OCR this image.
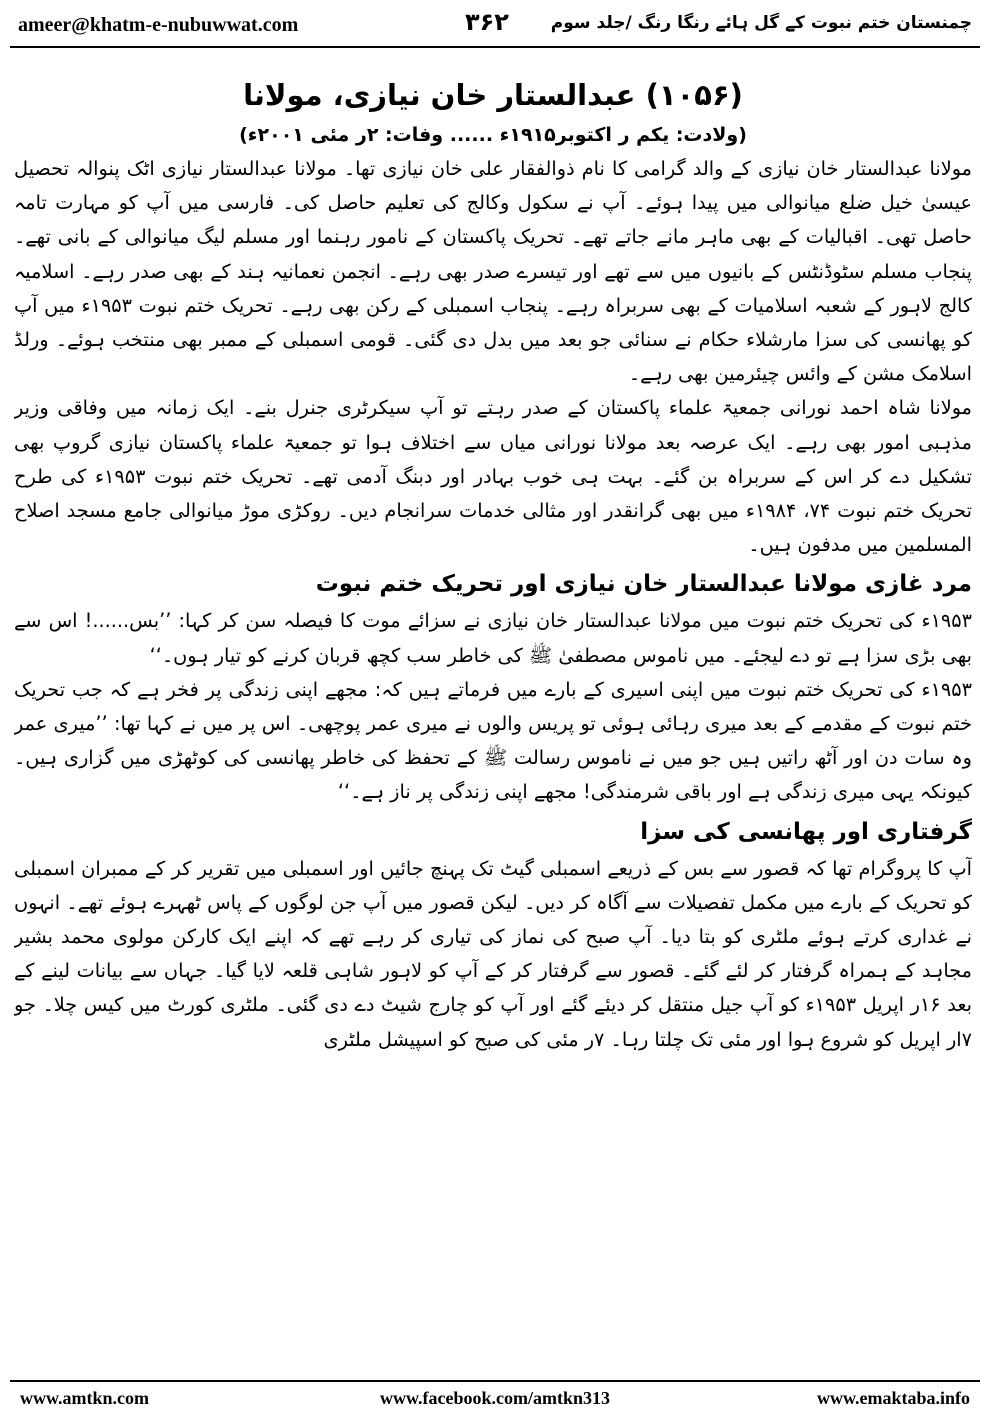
ameer@khatm-e-nubuwwat.com	۳۶۲ چمنستان ختم نبوت کے گل ہائے رنگا رنگ /جلد سوم
(۱۰۵۶) عبدالستار خان نیازی، مولانا
(ولادت: یکم ر اکتوبر۱۹۱۵ء ...... وفات: ۲ر مئی ۲۰۰۱ء)

مولانا عبدالستار خان نیازی کے والد گرامی کا نام ذوالفقار علی خان نیازی تھا۔ مولانا عبدالستار نیازی اٹک پنوالہ تحصیل عیسیٰ خیل ضلع میانوالی میں پیدا ہوئے۔ آپ نے سکول وکالج کی تعلیم حاصل کی۔ فارسی میں آپ کو مہارت تامہ حاصل تھی۔ اقبالیات کے بھی ماہر مانے جاتے تھے۔ تحریک پاکستان کے نامور رہنما اور مسلم لیگ میانوالی کے بانی تھے۔ پنجاب مسلم سٹوڈنٹس کے بانیوں میں سے تھے اور تیسرے صدر بھی رہے۔ انجمن نعمانیہ ہند کے بھی صدر رہے۔ اسلامیہ کالج لاہور کے شعبہ اسلامیات کے بھی سربراہ رہے۔ پنجاب اسمبلی کے رکن بھی رہے۔ تحریک ختم نبوت ۱۹۵۳ء میں آپ کو پھانسی کی سزا مارشلاء حکام نے سنائی جو بعد میں بدل دی گئی۔ قومی اسمبلی کے ممبر بھی منتخب ہوئے۔ ورلڈ اسلامک مشن کے وائس چیئرمین بھی رہے۔

مولانا شاہ احمد نورانی جمعیۃ علماء پاکستان کے صدر رہتے تو آپ سیکرٹری جنرل بنے۔ ایک زمانہ میں وفاقی وزیر مذہبی امور بھی رہے۔ ایک عرصہ بعد مولانا نورانی میاں سے اختلاف ہوا تو جمعیۃ علماء پاکستان نیازی گروپ بھی تشکیل دے کر اس کے سربراہ بن گئے۔ بہت ہی خوب بہادر اور دبنگ آدمی تھے۔ تحریک ختم نبوت ۱۹۵۳ء کی طرح تحریک ختم نبوت ۷۴، ۱۹۸۴ء میں بھی گرانقدر اور مثالی خدمات سرانجام دیں۔ روکڑی موڑ میانوالی جامع مسجد اصلاح المسلمین میں مدفون ہیں۔

مرد غازی مولانا عبدالستار خان نیازی اور تحریک ختم نبوت

۱۹۵۳ء کی تحریک ختم نبوت میں مولانا عبدالستار خان نیازی نے سزائے موت کا فیصلہ سن کر کہا: ’’بس......! اس سے بھی بڑی سزا ہے تو دے لیجئے۔ میں ناموس مصطفیٰ ﷺ کی خاطر سب کچھ قربان کرنے کو تیار ہوں۔‘‘

۱۹۵۳ء کی تحریک ختم نبوت میں اپنی اسیری کے بارے میں فرماتے ہیں کہ: مجھے اپنی زندگی پر فخر ہے کہ جب تحریک ختم نبوت کے مقدمے کے بعد میری رہائی ہوئی تو پریس والوں نے میری عمر پوچھی۔ اس پر میں نے کہا تھا: ’’میری عمر وہ سات دن اور آٹھ راتیں ہیں جو میں نے ناموس رسالت ﷺ کے تحفظ کی خاطر پھانسی کی کوٹھڑی میں گزاری ہیں۔ کیونکہ یہی میری زندگی ہے اور باقی شرمندگی! مجھے اپنی زندگی پر ناز ہے۔‘‘

گرفتاری اور پھانسی کی سزا

آپ کا پروگرام تھا کہ قصور سے بس کے ذریعے اسمبلی گیٹ تک پہنچ جائیں اور اسمبلی میں تقریر کر کے ممبران اسمبلی کو تحریک کے بارے میں مکمل تفصیلات سے آگاہ کر دیں۔ لیکن قصور میں آپ جن لوگوں کے پاس ٹھہرے ہوئے تھے۔ انہوں نے غداری کرتے ہوئے ملٹری کو بتا دیا۔ آپ صبح کی نماز کی تیاری کر رہے تھے کہ اپنے ایک کارکن مولوی محمد بشیر مجاہد کے ہمراہ گرفتار کر لئے گئے۔ قصور سے گرفتار کر کے آپ کو لاہور شاہی قلعہ لایا گیا۔ جہاں سے بیانات لینے کے بعد ۱۶ر اپریل ۱۹۵۳ء کو آپ جیل منتقل کر دیئے گئے اور آپ کو چارج شیٹ دے دی گئی۔ ملٹری کورٹ میں کیس چلا۔ جو ۷ار اپریل کو شروع ہوا اور مئی تک چلتا رہا۔ ۷ر مئی کی صبح کو اسپیشل ملٹری

www.amtkn.com	www.facebook.com/amtkn313	www.emaktaba.info
